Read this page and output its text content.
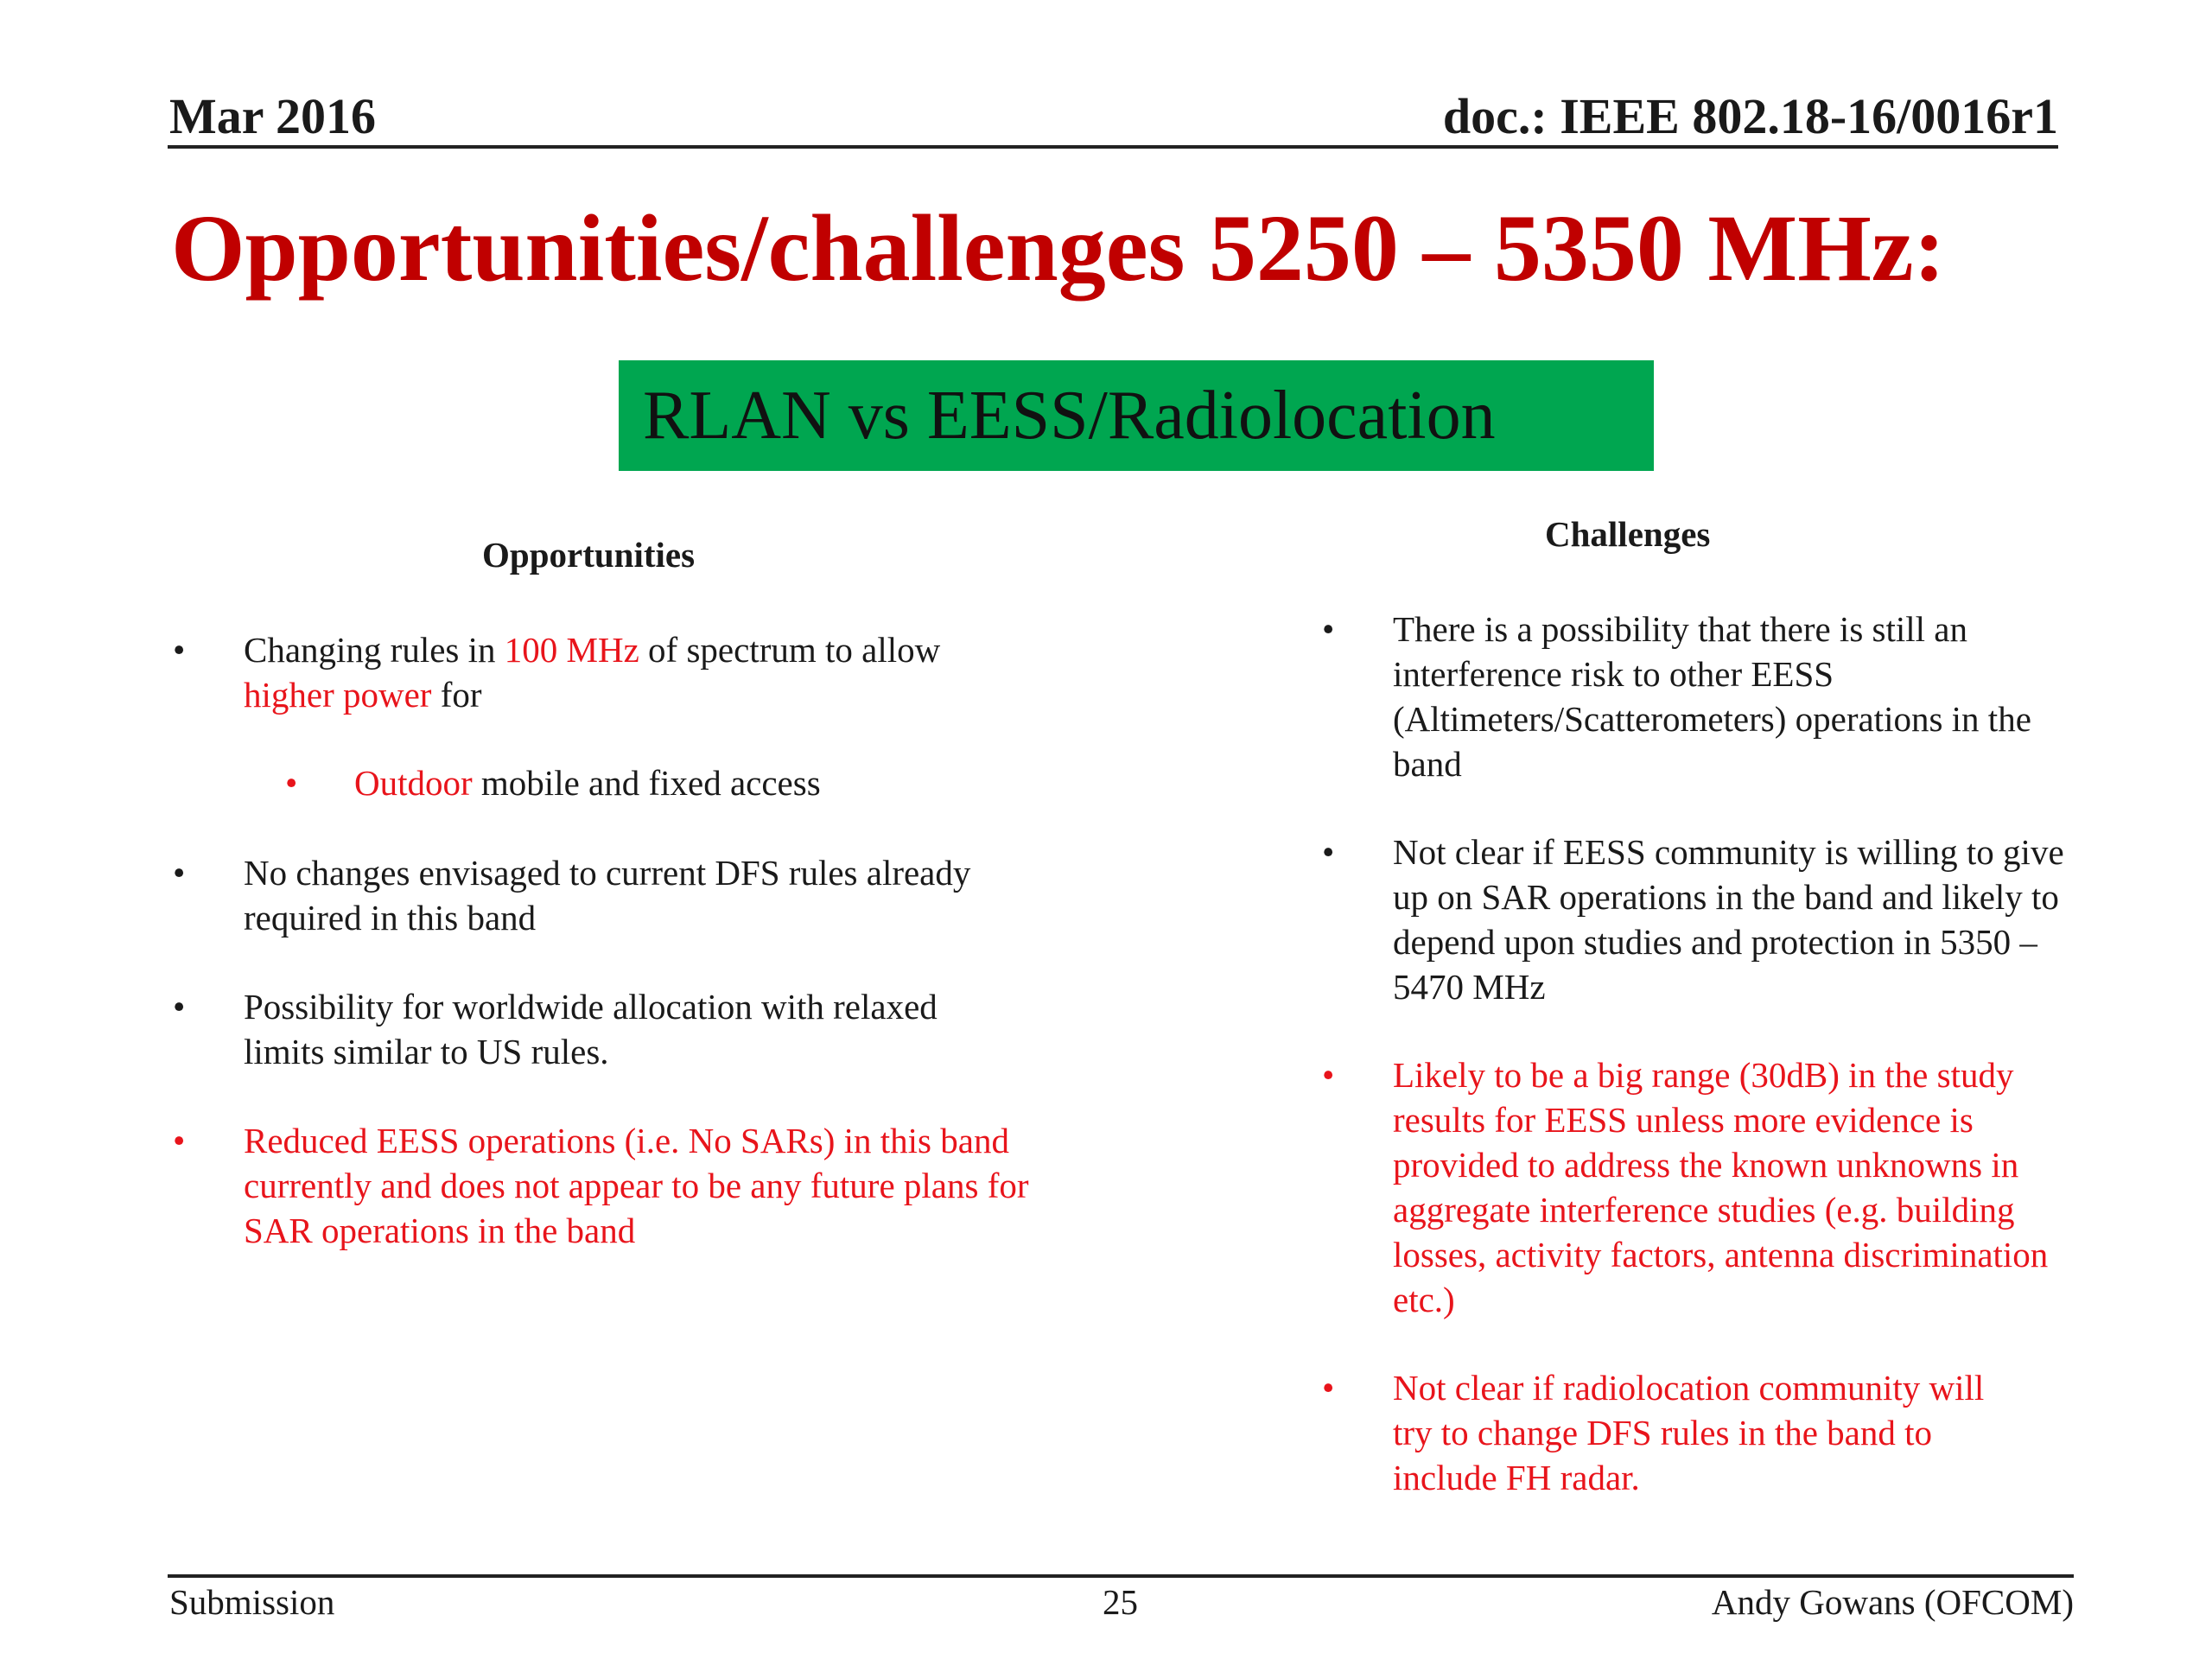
Mar 2016	doc.: IEEE 802.18-16/0016r1
Opportunities/challenges 5250 – 5350 MHz:
RLAN vs EESS/Radiolocation
Opportunities
•	Changing rules in 100 MHz of spectrum to allow
higher power for
•	Outdoor mobile and fixed access
•	No changes envisaged to current DFS rules already required in this band
•	Possibility for worldwide allocation with relaxed limits similar to US rules.
•	Reduced EESS operations (i.e. No SARs) in this band currently and does not appear to be any future plans for SAR operations in the band
Challenges
•	There is a possibility that there is still an interference risk to other EESS (Altimeters/Scatterometers) operations in the band
•	Not clear if EESS community is willing to give up on SAR operations in the band and likely to depend upon studies and protection in 5350 – 5470 MHz
•	Likely to be a big range (30dB) in the study results for EESS unless more evidence is provided to address the known unknowns in aggregate interference studies (e.g. building losses, activity factors, antenna discrimination etc.)
•	Not clear if radiolocation community will try to change DFS rules in the band to include FH radar.
Submission	25	Andy Gowans (OFCOM)
